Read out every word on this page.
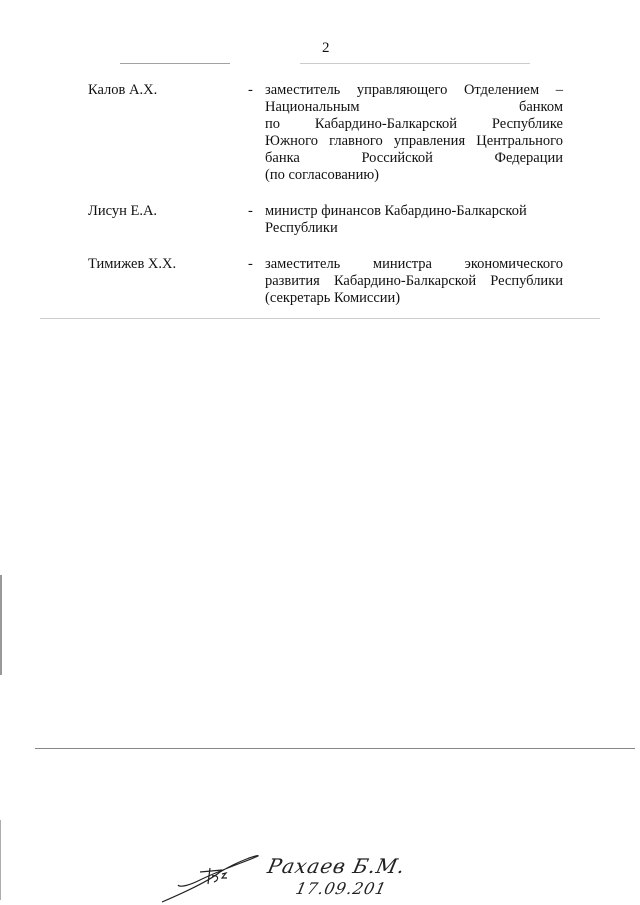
2
Калов А.Х.	- заместитель управляющего Отделением –
Национальным банком
по Кабардино-Балкарской Республике
Южного главного управления Центрального
банка Российской Федерации
(по согласованию)
Лисун Е.А.	- министр финансов Кабардино-Балкарской
Республики
Тимижев Х.Х.	- заместитель министра экономического
развития Кабардино-Балкарской Республики
(секретарь Комиссии)
Рахаев Б.М.
17.09.201
